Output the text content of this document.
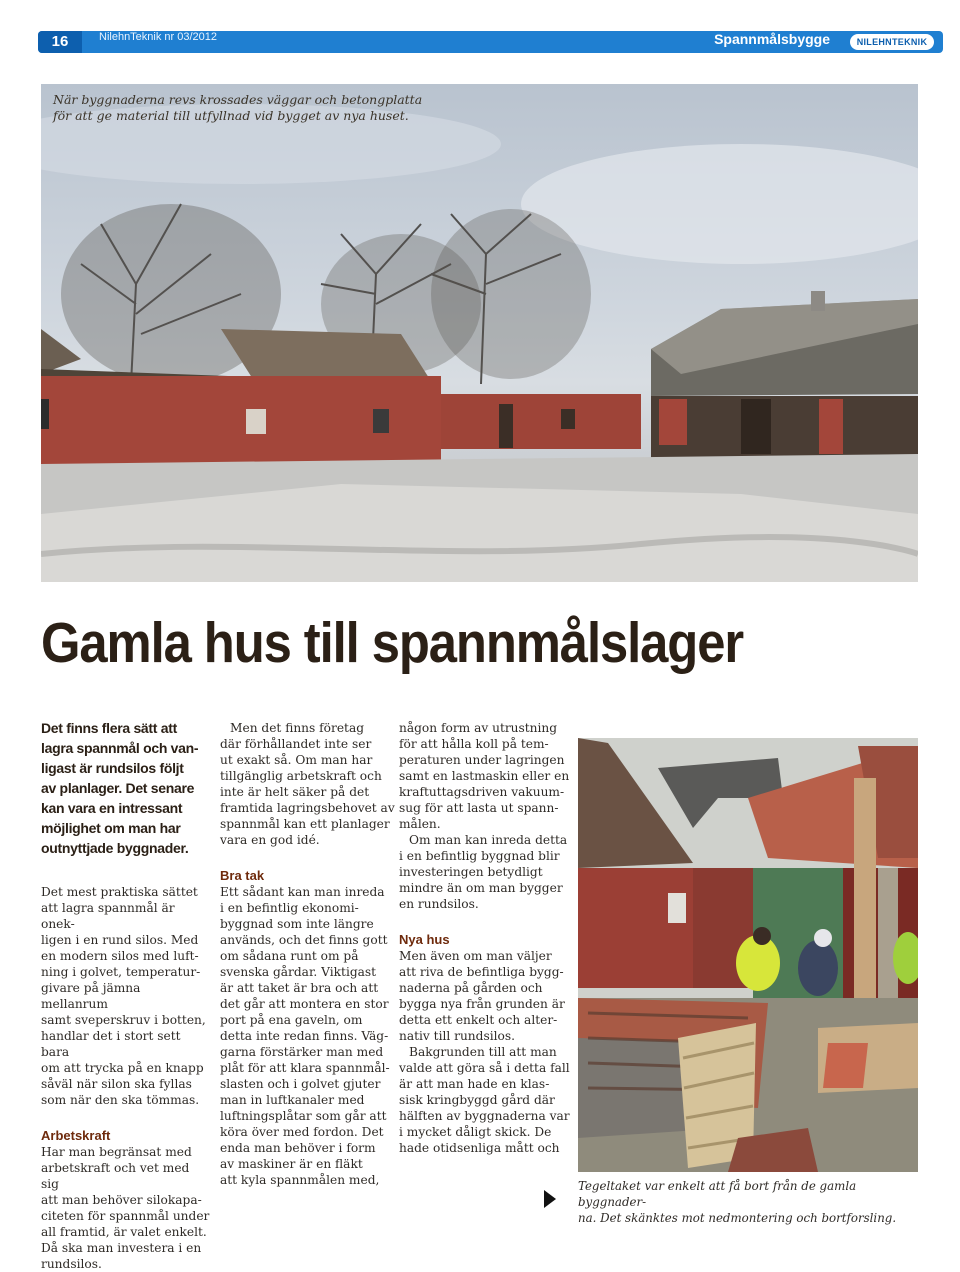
16	NilehnTeknik nr 03/2012	Spannmålsbygge	NILEHNTEKNIK
När byggnaderna revs krossades väggar och betongplatta
för att ge material till utfyllnad vid bygget av nya huset.
Gamla hus till spannmålslager

Det finns flera sätt att

lagra spannmål och van-

ligast är rundsilos följt

av planlager. Det senare

kan vara en intressant

möjlighet om man har

outnyttjade byggnader.

Det mest praktiska sättet

att lagra spannmål är onek-

ligen i en rund silos. Med

en modern silos med luft-

ning i golvet, temperatur-

givare på jämna mellanrum

samt sveperskruv i botten,

handlar det i stort sett bara

om att trycka på en knapp

såväl när silon ska fyllas

som när den ska tömmas.

Arbetskraft

Har man begränsat med

arbetskraft och vet med sig

att man behöver silokapa-

citeten för spannmål under

all framtid, är valet enkelt.

Då ska man investera i en

rundsilos.

Men det finns företag

där förhållandet inte ser

ut exakt så. Om man har

tillgänglig arbetskraft och

inte är helt säker på det

framtida lagringsbehovet av

spannmål kan ett planlager

vara en god idé.

Bra tak

Ett sådant kan man inreda

i en befintlig ekonomi-

byggnad som inte längre

används, och det finns gott

om sådana runt om på

svenska gårdar. Viktigast

är att taket är bra och att

det går att montera en stor

port på ena gaveln, om

detta inte redan finns. Väg-

garna förstärker man med

plåt för att klara spannmål-

slasten och i golvet gjuter

man in luftkanaler med

luftningsplåtar som går att

köra över med fordon. Det

enda man behöver i form

av maskiner är en fläkt

att kyla spannmålen med,

någon form av utrustning

för att hålla koll på tem-

peraturen under lagringen

samt en lastmaskin eller en

kraftuttagsdriven vakuum-

sug för att lasta ut spann-

målen.

Om man kan inreda detta

i en befintlig byggnad blir

investeringen betydligt

mindre än om man bygger

en rundsilos.

Nya hus

Men även om man väljer

att riva de befintliga bygg-

naderna på gården och

bygga nya från grunden är

detta ett enkelt och alter-

nativ till rundsilos.

Bakgrunden till att man

valde att göra så i detta fall

är att man hade en klas-

sisk kringbyggd gård där

hälften av byggnaderna var

i mycket dåligt skick. De

hade otidsenliga mått och

Tegeltaket var enkelt att få bort från de gamla byggnader-
na. Det skänktes mot nedmontering och bortforsling.
